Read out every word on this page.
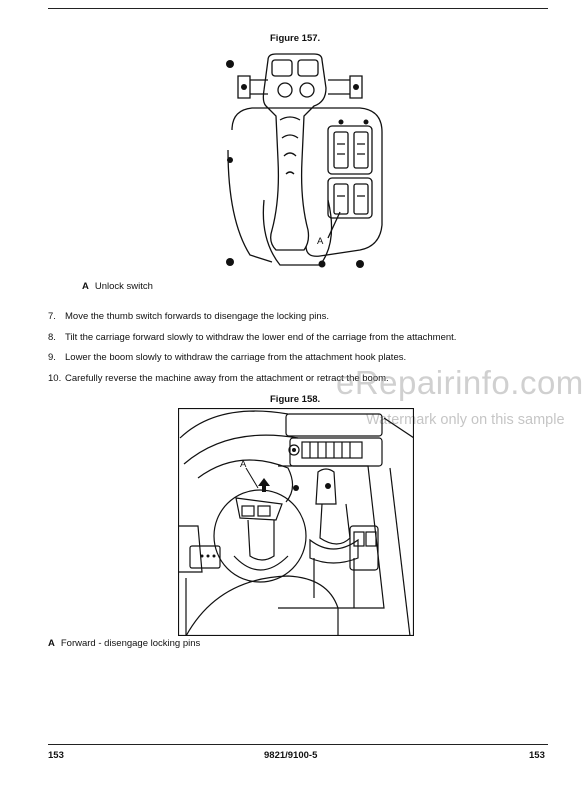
Figure 157.
A
A Unlock switch
7. Move the thumb switch forwards to disengage the locking pins.
8. Tilt the carriage forward slowly to withdraw the lower end of the carriage from the attachment.
9. Lower the boom slowly to withdraw the carriage from the attachment hook plates.
10. Carefully reverse the machine away from the attachment or retract the boom.
eRepairinfo.com
Figure 158.
Watermark only on this sample
A
A Forward - disengage locking pins
153	9821/9100-5	153
